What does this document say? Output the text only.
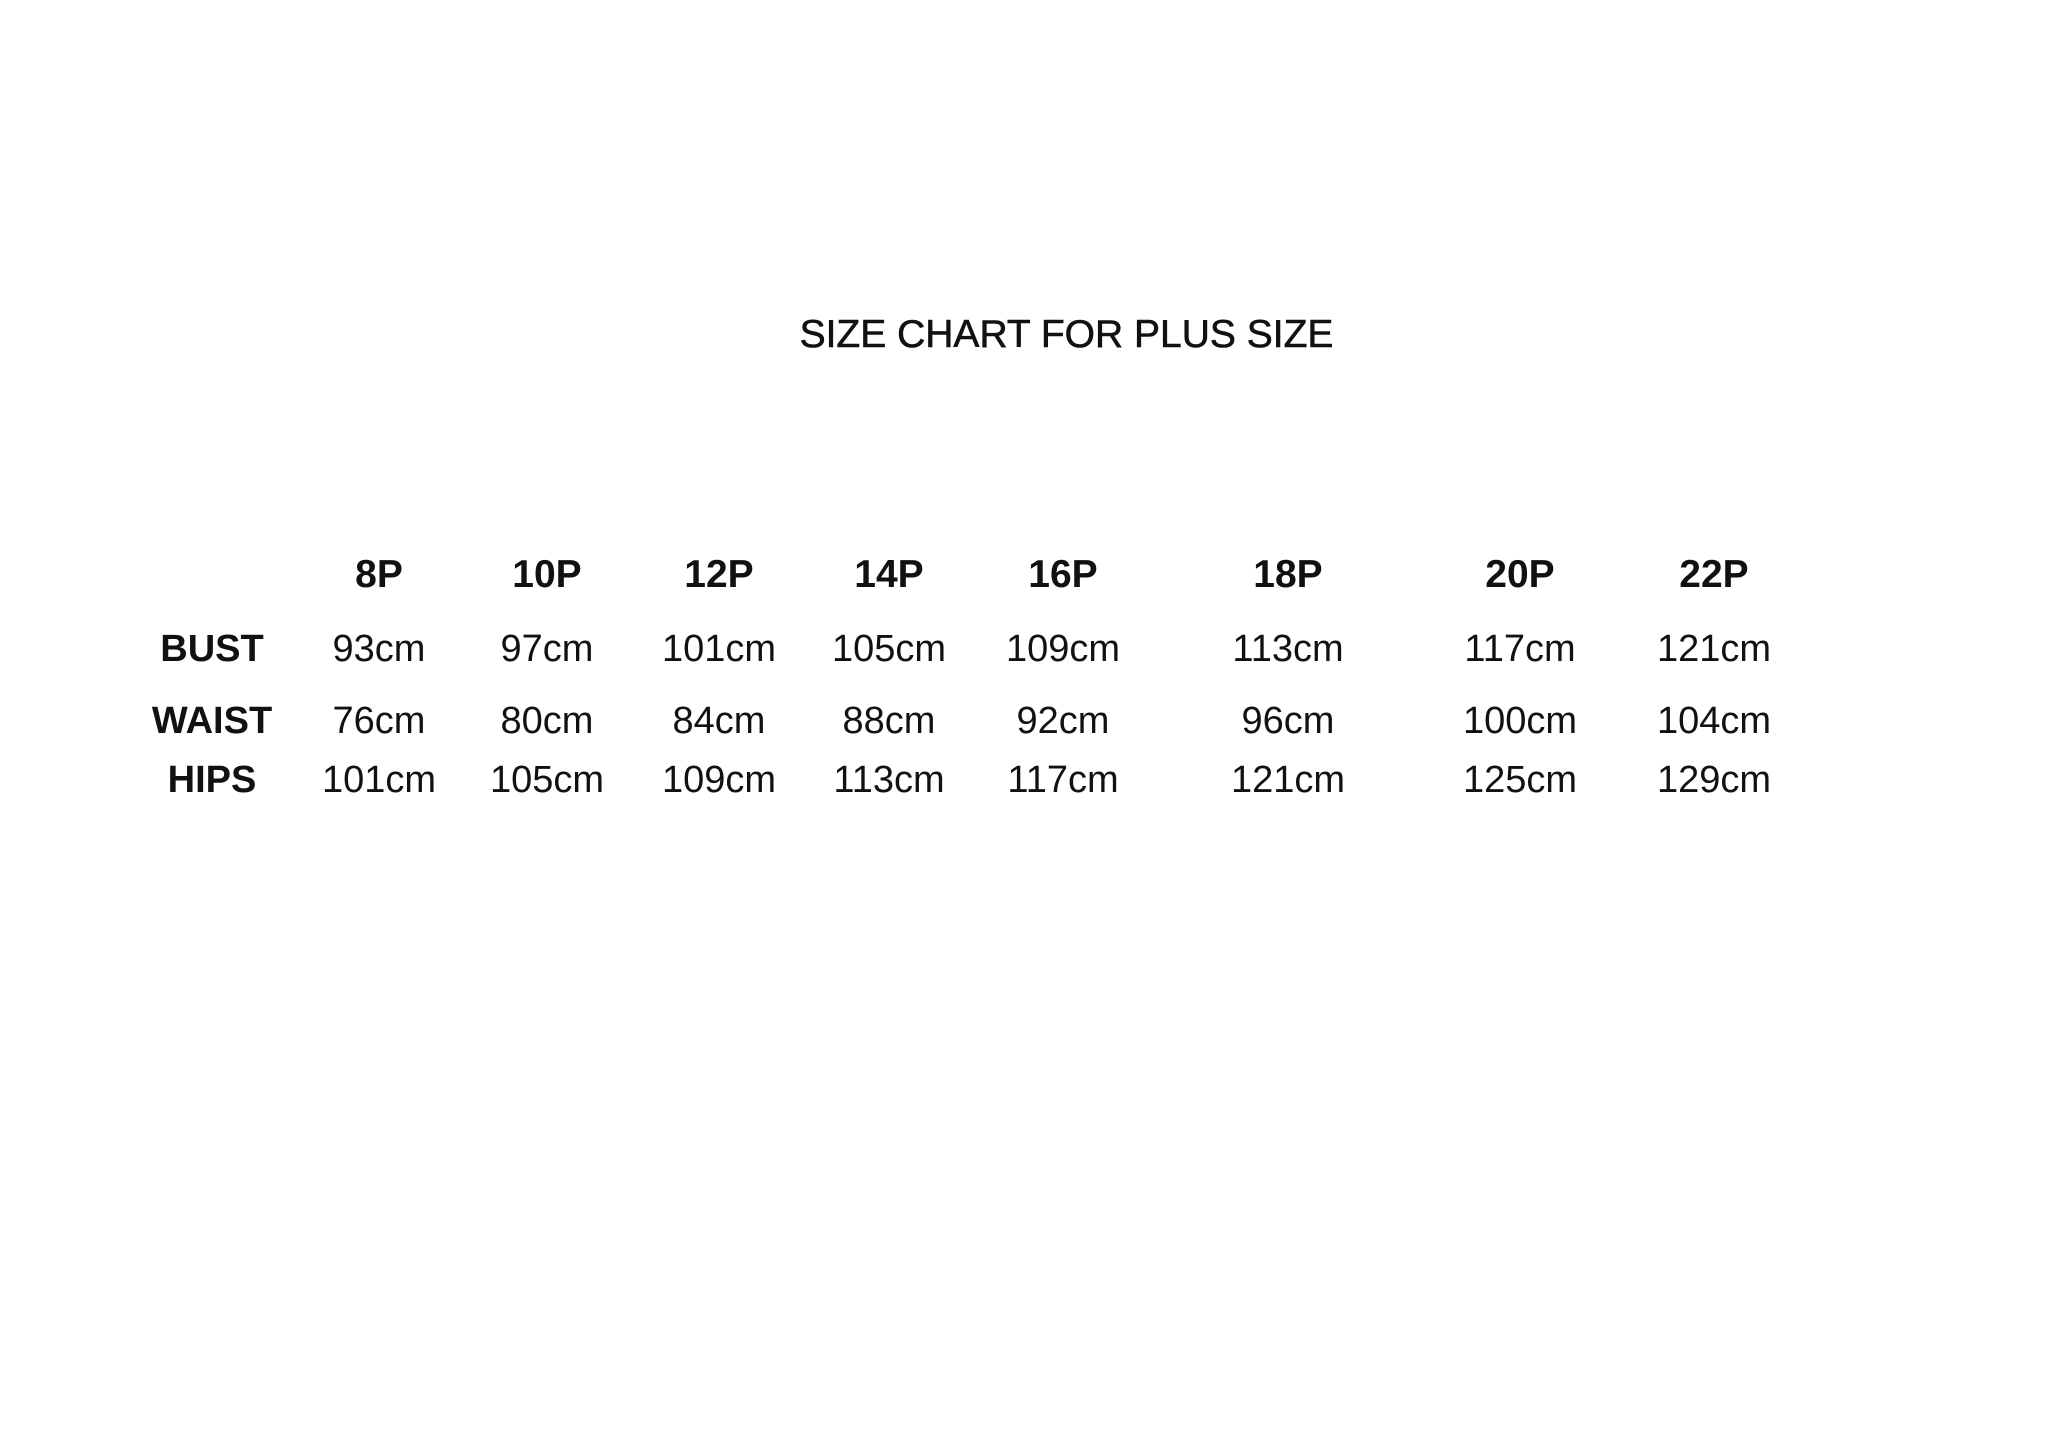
SIZE CHART FOR PLUS SIZE
8P	10P	12P	14P	16P	18P	20P	22P
BUST 93cm 97cm 101cm 105cm 109cm	113cm	117cm 121cm
WAIST 76cm 80cm 84cm 88cm 92cm	96cm	100cm 104cm
HIPS 101cm 105cm 109cm 113cm 117cm	121cm	125cm 129cm
